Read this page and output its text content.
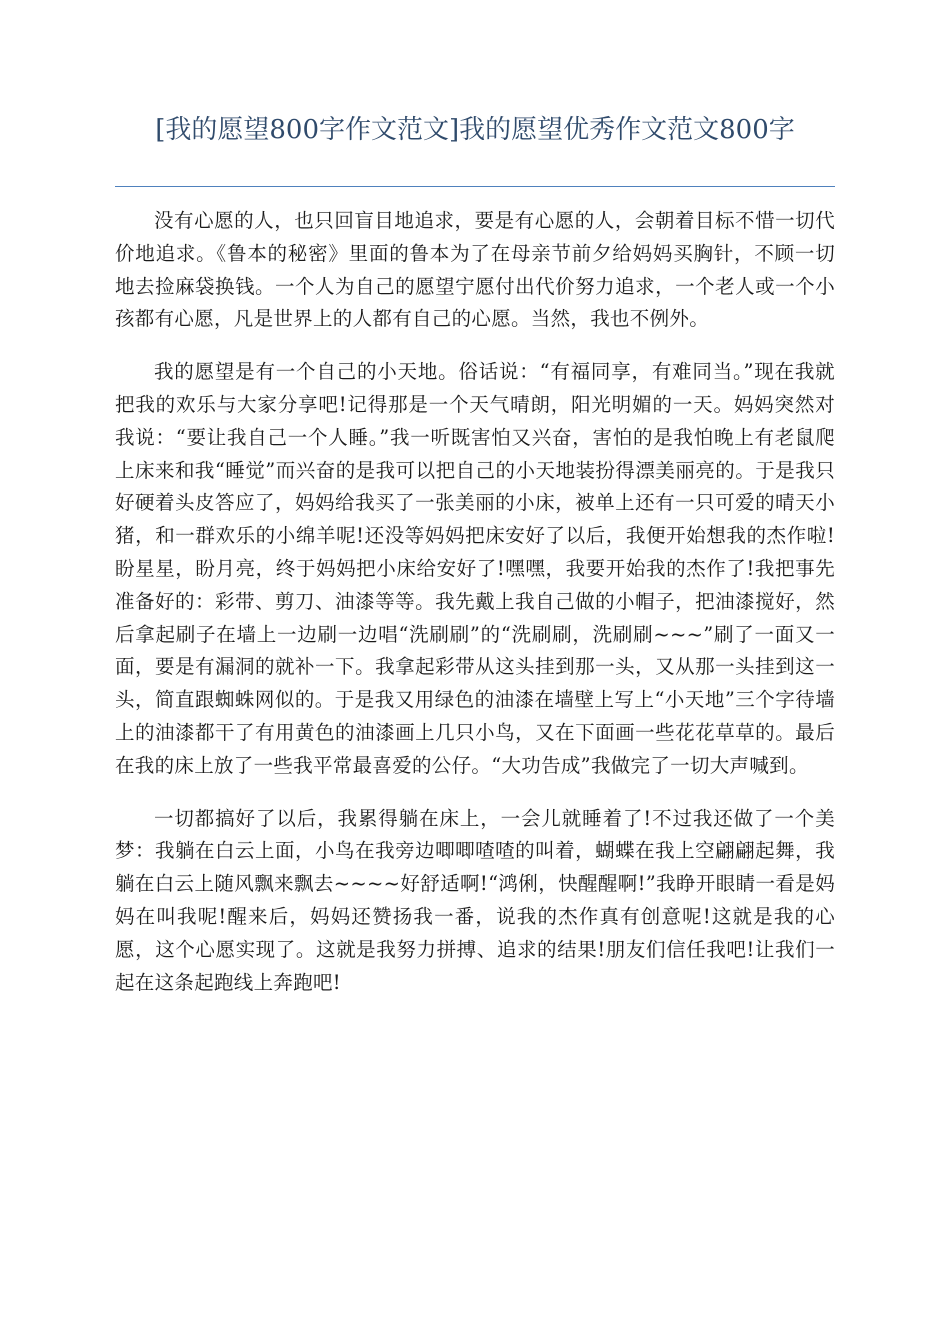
[我的愿望800字作文范文]我的愿望优秀作文范文800字

没有心愿的人，也只回盲目地追求，要是有心愿的人，会朝着目标不惜一切代价地追求。《鲁本的秘密》里面的鲁本为了在母亲节前夕给妈妈买胸针，不顾一切地去捡麻袋换钱。一个人为自己的愿望宁愿付出代价努力追求，一个老人或一个小孩都有心愿，凡是世界上的人都有自己的心愿。当然，我也不例外。

我的愿望是有一个自己的小天地。俗话说：“有福同享，有难同当。”现在我就把我的欢乐与大家分享吧!记得那是一个天气晴朗，阳光明媚的一天。妈妈突然对我说：“要让我自己一个人睡。”我一听既害怕又兴奋，害怕的是我怕晚上有老鼠爬上床来和我“睡觉”而兴奋的是我可以把自己的小天地装扮得漂美丽亮的。于是我只好硬着头皮答应了，妈妈给我买了一张美丽的小床，被单上还有一只可爱的晴天小猪，和一群欢乐的小绵羊呢!还没等妈妈把床安好了以后，我便开始想我的杰作啦!盼星星，盼月亮，终于妈妈把小床给安好了!嘿嘿，我要开始我的杰作了!我把事先准备好的：彩带、剪刀、油漆等等。我先戴上我自己做的小帽子，把油漆搅好，然后拿起刷子在墙上一边刷一边唱“洗刷刷”的“洗刷刷，洗刷刷~~~”刷了一面又一面，要是有漏洞的就补一下。我拿起彩带从这头挂到那一头，又从那一头挂到这一头，简直跟蜘蛛网似的。于是我又用绿色的油漆在墙壁上写上“小天地”三个字待墙上的油漆都干了有用黄色的油漆画上几只小鸟，又在下面画一些花花草草的。最后在我的床上放了一些我平常最喜爱的公仔。“大功告成”我做完了一切大声喊到。

一切都搞好了以后，我累得躺在床上，一会儿就睡着了!不过我还做了一个美梦：我躺在白云上面，小鸟在我旁边唧唧喳喳的叫着，蝴蝶在我上空翩翩起舞，我躺在白云上随风飘来飘去~~~~好舒适啊!“鸿俐，快醒醒啊!”我睁开眼睛一看是妈妈在叫我呢!醒来后，妈妈还赞扬我一番，说我的杰作真有创意呢!这就是我的心愿，这个心愿实现了。这就是我努力拼搏、追求的结果!朋友们信任我吧!让我们一起在这条起跑线上奔跑吧!
